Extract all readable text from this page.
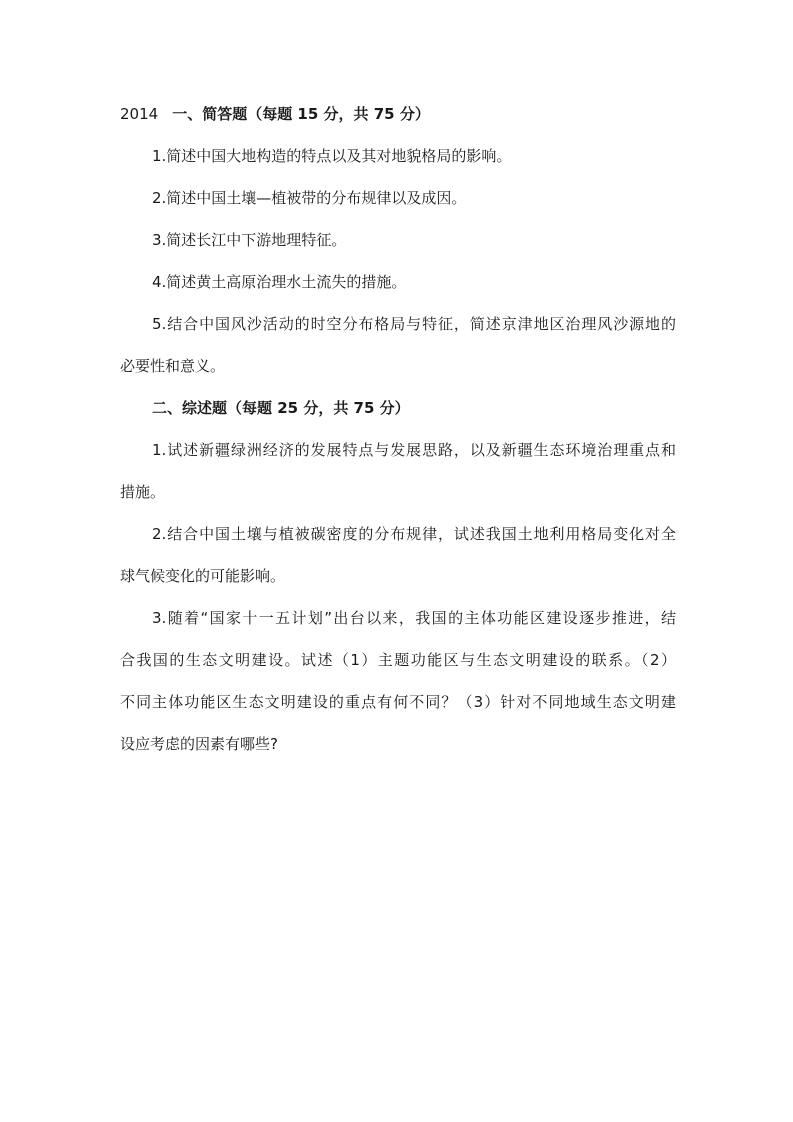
2014 一、简答题（每题 15 分，共 75 分）
1.简述中国大地构造的特点以及其对地貌格局的影响。
2.简述中国土壤—植被带的分布规律以及成因。
3.简述长江中下游地理特征。
4.简述黄土高原治理水土流失的措施。
5.结合中国风沙活动的时空分布格局与特征，简述京津地区治理风沙源地的
必要性和意义。
二、综述题（每题 25 分，共 75 分）
1.试述新疆绿洲经济的发展特点与发展思路，以及新疆生态环境治理重点和
措施。
2.结合中国土壤与植被碳密度的分布规律，试述我国土地利用格局变化对全
球气候变化的可能影响。
3.随着“国家十一五计划”出台以来，我国的主体功能区建设逐步推进，结
合我国的生态文明建设。试述（1）主题功能区与生态文明建设的联系。（2）
不同主体功能区生态文明建设的重点有何不同？（3）针对不同地域生态文明建
设应考虑的因素有哪些?
